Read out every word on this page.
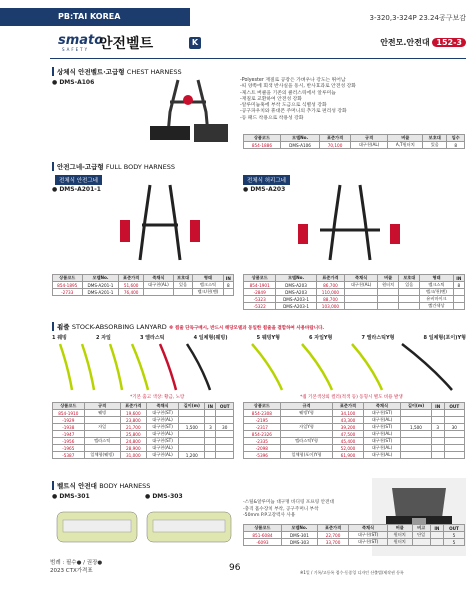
PB:TAI KOREA	3-320,3-324P 23.24공구보감
smato
SAFETY 안전벨트	K	안전모.안전대 152-3
상체식 안전벨트·고급형 CHEST HARNESS
● DMS-A106	-Polyester 재질로 공장은 가벼우나 강도는 뛰어남
-띠 양쪽에 회색 반사실을 동시, 반사효과로 안전성 강화
-제스트 버클을 기존의 클러스릭에서 알루미늄
-재질로 교환하여 안전성 강화
-알루미늄훅에 부착 도금으로 식별성 강화
-공구파우치와 휴대폰 주머니의 추가로 편리성 강화
-등 패드 착용으로 착용성 강화
상품코드	모델No.	표준가격	규격	버클	보호대	입수
854-1886	DMS-A106	70,100	대구천(AL)	A,T원터치	있음	8
안전그네-고급형 FULL BODY HARNESS
전체식 안전그네
● DMS-A201-1
전체식 허리그네
● DMS-A203
상품코드	모델No.	표준가격	죽채식	보호대	형태	IN
854-1895	DMS-A201-1	51,600	대구천(AL)	있음	벨크스틱	8
-2733	DMS-A201-1	76,400			벨크/천(밴)	
상품코드	모델No.	표준가격	죽채식	버클	보호대	형태	IN
854-1901	DMS-A203	86,700	대구천(AL)	원터치	있음	벨크스틱	8
-2849	DMS-A203	110,000				벨크/천(밴)	
-5323	DMS-A203-1	88,700				유비마이크	
-5322	DMS-A203-1	103,000				빨간색상	
죔줄 STOCK-ABSORBING LANYARD ※ 죔줄 단독구매시, 반드시 해당모델과 동일한 죔줄을 결합하여 사용바랍니다.
1 웨빙	2 자일	3 엘라스틱	4 일체형(웨빙)	5 웨빙Y형	6 자일Y형	7 엘라스틱Y형	8 일체형(포이)Y형
*기본 출고 색상: 황금, 노랑	*죔 기본색상외 컬러(적색 등) 동형시 별도 비용 발생
상품코드	규격	표준가격	죽채식	길이(m)	IN	OUT
854-1910	웨빙	19,600	대구천(ST)			
-1929		23,800	대구천(AL)			
-1938	자일	21,700	대구천(ST)	1,500	3	30
-1947		25,800	대구천(AL)			
-1956	엘라스틱	24,800	대구천(ST)			
-1965		28,900	대구천(AL)			
-5387	일체형(웨빙)	31,000	대구천(AL)	1,200		
상품코드	규격	표준가격	죽채식	길이(m)	IN	OUT
854-2308	웨빙Y형	34,100	대구천(ST)			
-2195		43,300	대구천(AL)			
-2317	자일Y형	39,200	대구천(ST)	1,500	3	30
854-2326		47,500	대구천(AL)			
-2335	엘라스틱Y형	45,400	대구천(ST)			
-2098		52,000	대구천(AL)			
-5396	일체형(포이)Y형	61,900	대구천(AL)			
벨트식 안전대 BODY HARNESS
● DMS-301	● DMS-303
-스틸&알루미늄 대구멍 바디링 포프링 안전대
-충격 흡수장치 부착, 공구주머니 부착
-50mm P.P고강력사 사용
상품코드	모델No.	표준가격	죽채식	버클	비고	IN	OUT
851-6084	DMS-301	22,700	대구천(ST)	원터치	단일		5
-6093	DMS-303	33,700	대구천(ST)	원터치			5
범례 : 필수● / 권장●
2023 CTX가격표	96	※1일 / 기록/고등록 접수·동종잉 디자인 산출법/제작권 등록
